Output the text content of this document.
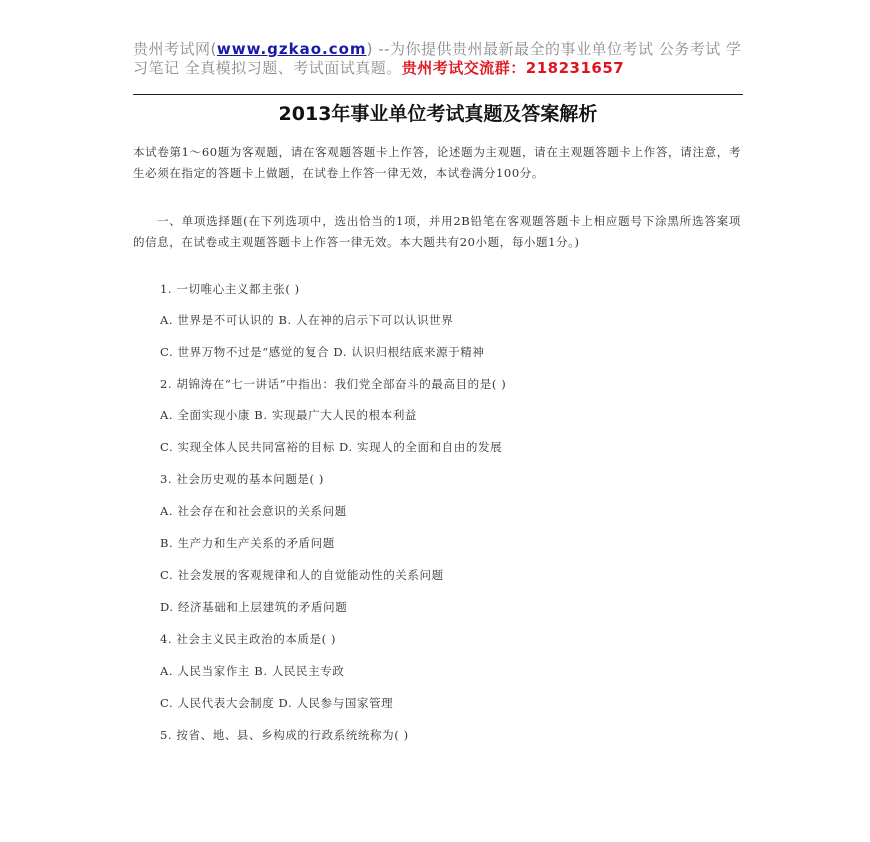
贵州考试网(www.gzkao.com) --为你提供贵州最新最全的事业单位考试 公务考试 学习笔记 全真模拟习题、考试面试真题。贵州考试交流群：218231657
2013年事业单位考试真题及答案解析
本试卷第1～60题为客观题，请在客观题答题卡上作答，论述题为主观题，请在主观题答题卡上作答，请注意，考生必须在指定的答题卡上做题，在试卷上作答一律无效，本试卷满分100分。
一、单项选择题(在下列选项中，选出恰当的1项，并用2B铅笔在客观题答题卡上相应题号下涂黑所选答案项的信息，在试卷或主观题答题卡上作答一律无效。本大题共有20小题，每小题1分。)
1. 一切唯心主义都主张( )
A. 世界是不可认识的 B. 人在神的启示下可以认识世界
C. 世界万物不过是“感觉的复合 D. 认识归根结底来源于精神
2. 胡锦涛在“七一讲话”中指出：我们党全部奋斗的最高目的是( )
A. 全面实现小康 B. 实现最广大人民的根本利益
C. 实现全体人民共同富裕的目标 D. 实现人的全面和自由的发展
3. 社会历史观的基本问题是( )
A. 社会存在和社会意识的关系问题
B. 生产力和生产关系的矛盾问题
C. 社会发展的客观规律和人的自觉能动性的关系问题
D. 经济基础和上层建筑的矛盾问题
4. 社会主义民主政治的本质是( )
A. 人民当家作主 B. 人民民主专政
C. 人民代表大会制度 D. 人民参与国家管理
5. 按省、地、县、乡构成的行政系统统称为( )
